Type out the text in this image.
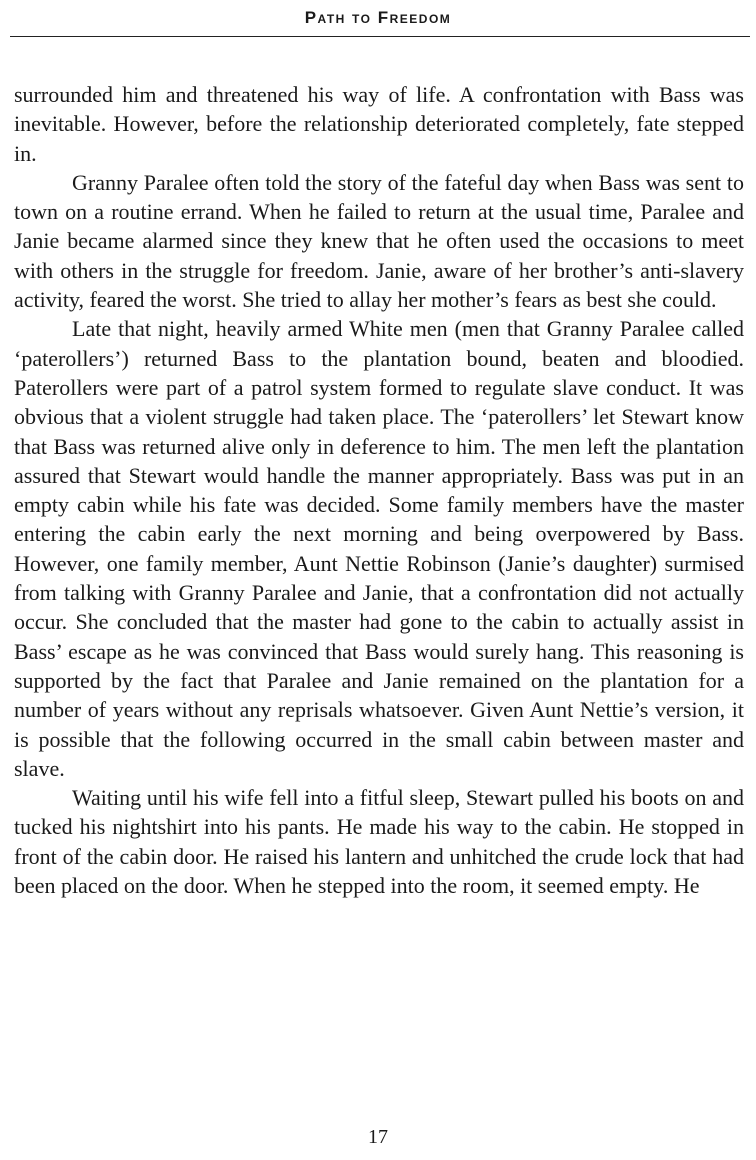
Path to Freedom

surrounded him and threatened his way of life. A confrontation with Bass was inevitable. However, before the relationship deteriorated completely, fate stepped in.

Granny Paralee often told the story of the fateful day when Bass was sent to town on a routine errand. When he failed to return at the usual time, Paralee and Janie became alarmed since they knew that he often used the occasions to meet with others in the struggle for freedom. Janie, aware of her brother’s anti-slavery activity, feared the worst. She tried to allay her mother’s fears as best she could.

Late that night, heavily armed White men (men that Granny Paralee called ‘paterollers’) returned Bass to the plantation bound, beaten and bloodied. Paterollers were part of a patrol system formed to regulate slave conduct. It was obvious that a violent struggle had taken place. The ‘paterollers’ let Stewart know that Bass was returned alive only in deference to him. The men left the plantation assured that Stewart would handle the manner appropriately. Bass was put in an empty cabin while his fate was decided. Some family members have the master entering the cabin early the next morning and being overpowered by Bass. However, one family member, Aunt Nettie Robinson (Janie’s daughter) surmised from talking with Granny Paralee and Janie, that a confrontation did not actually occur. She concluded that the master had gone to the cabin to actually assist in Bass’ escape as he was convinced that Bass would surely hang. This reasoning is supported by the fact that Paralee and Janie remained on the plantation for a number of years without any reprisals whatsoever. Given Aunt Nettie’s version, it is possible that the following occurred in the small cabin between master and slave.

Waiting until his wife fell into a fitful sleep, Stewart pulled his boots on and tucked his nightshirt into his pants. He made his way to the cabin. He stopped in front of the cabin door. He raised his lantern and unhitched the crude lock that had been placed on the door. When he stepped into the room, it seemed empty. He

17
